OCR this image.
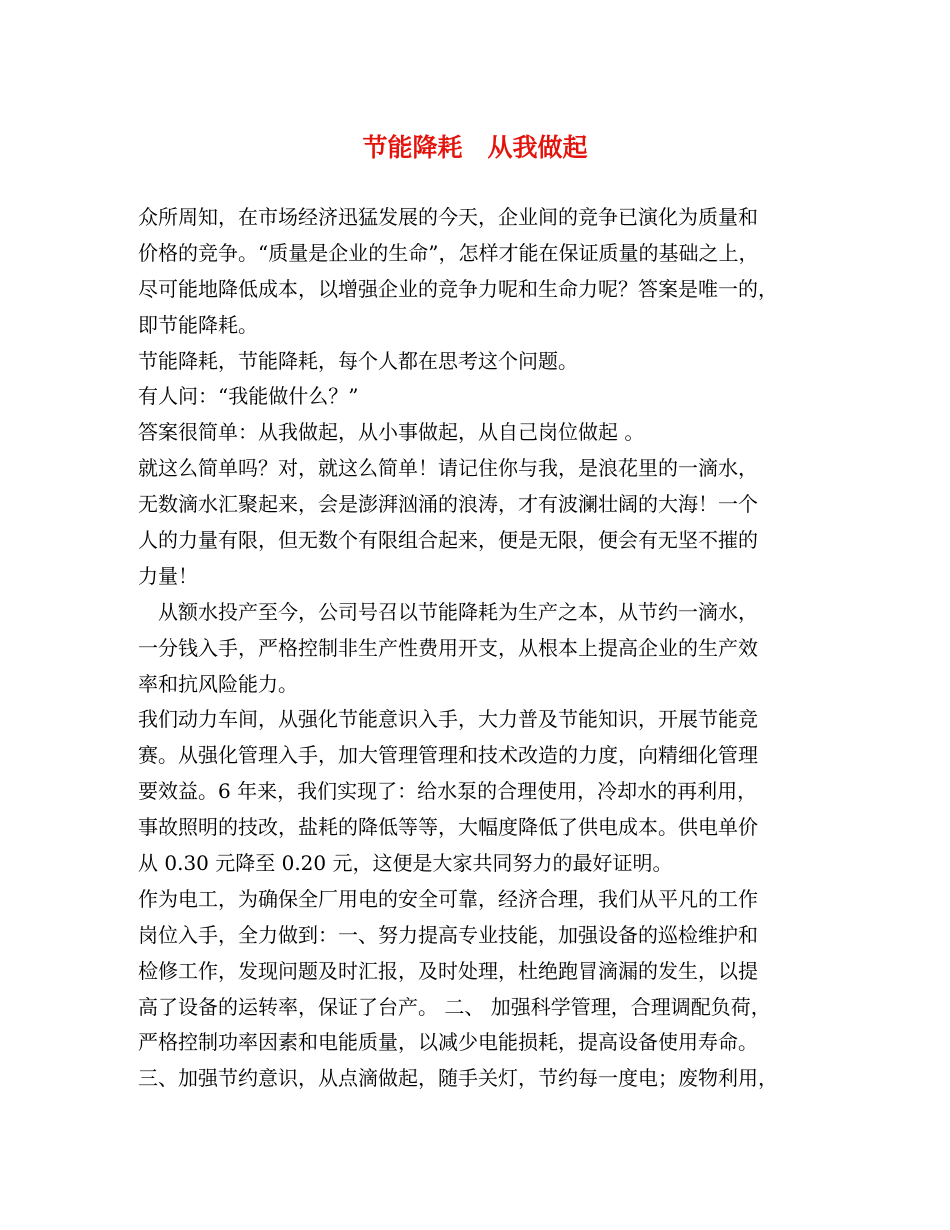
节能降耗　从我做起
众所周知，在市场经济迅猛发展的今天，企业间的竞争已演化为质量和
价格的竞争。“质量是企业的生命”，怎样才能在保证质量的基础之上，
尽可能地降低成本，以增强企业的竞争力呢和生命力呢？答案是唯一的，
即节能降耗。
节能降耗，节能降耗，每个人都在思考这个问题。
有人问：“我能做什么？”
答案很简单：从我做起，从小事做起，从自己岗位做起 。
就这么简单吗？对，就这么简单！请记住你与我，是浪花里的一滴水，
无数滴水汇聚起来，会是澎湃汹涌的浪涛，才有波澜壮阔的大海！一个
人的力量有限，但无数个有限组合起来，便是无限，便会有无坚不摧的
力量！
　从额水投产至今，公司号召以节能降耗为生产之本，从节约一滴水，
一分钱入手，严格控制非生产性费用开支，从根本上提高企业的生产效
率和抗风险能力。
我们动力车间，从强化节能意识入手，大力普及节能知识，开展节能竞
赛。从强化管理入手，加大管理管理和技术改造的力度，向精细化管理
要效益。6 年来，我们实现了：给水泵的合理使用，冷却水的再利用，
事故照明的技改，盐耗的降低等等，大幅度降低了供电成本。供电单价
从 0.30 元降至 0.20 元，这便是大家共同努力的最好证明。
作为电工，为确保全厂用电的安全可靠，经济合理，我们从平凡的工作
岗位入手，全力做到：一、努力提高专业技能，加强设备的巡检维护和
检修工作，发现问题及时汇报，及时处理，杜绝跑冒滴漏的发生，以提
高了设备的运转率，保证了台产。 二、 加强科学管理，合理调配负荷，
严格控制功率因素和电能质量，以减少电能损耗，提高设备使用寿命。
三、加强节约意识，从点滴做起，随手关灯，节约每一度电；废物利用，
